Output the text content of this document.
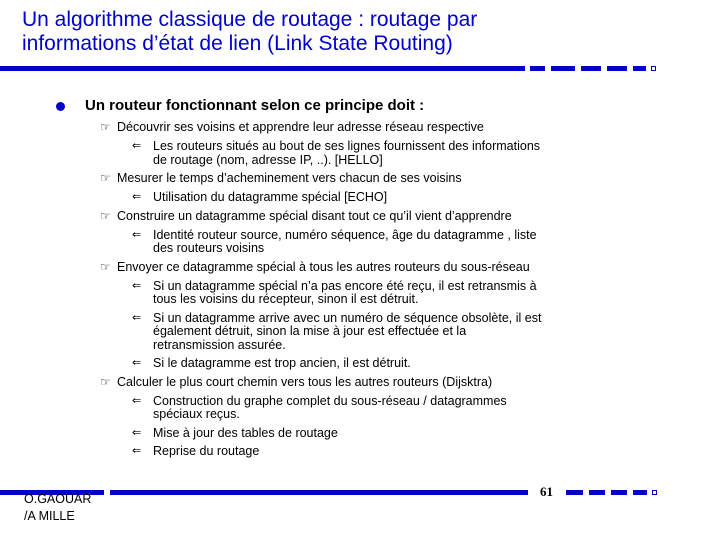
Un algorithme classique de routage : routage par
informations d’état de lien (Link State Routing)
Un routeur fonctionnant selon ce principe doit :
☞ Découvrir ses voisins et apprendre leur adresse réseau respective
⇐ Les routeurs situés au bout de ses lignes fournissent des informations
de routage (nom, adresse IP, ..). [HELLO]
☞ Mesurer le temps d’acheminement vers chacun de ses voisins
⇐ Utilisation du datagramme spécial [ECHO]
☞ Construire un datagramme spécial disant tout ce qu’il vient d’apprendre
⇐ Identité routeur source, numéro séquence, âge du datagramme , liste
des routeurs voisins
☞ Envoyer ce datagramme spécial à tous les autres routeurs du sous-réseau
⇐ Si un datagramme spécial n’a pas encore été reçu, il est retransmis à
tous les voisins du récepteur, sinon il est détruit.
⇐ Si un datagramme arrive avec un numéro de séquence obsolète, il est
également détruit, sinon la mise à jour est effectuée et la
retransmission assurée.
⇐ Si le datagramme est trop ancien, il est détruit.
☞ Calculer le plus court chemin vers tous les autres routeurs (Dijsktra)
⇐ Construction du graphe complet du sous-réseau / datagrammes
spéciaux reçus.
⇐ Mise à jour des tables de routage
⇐ Reprise du routage
O.GAOUAR
/A MILLE
61
